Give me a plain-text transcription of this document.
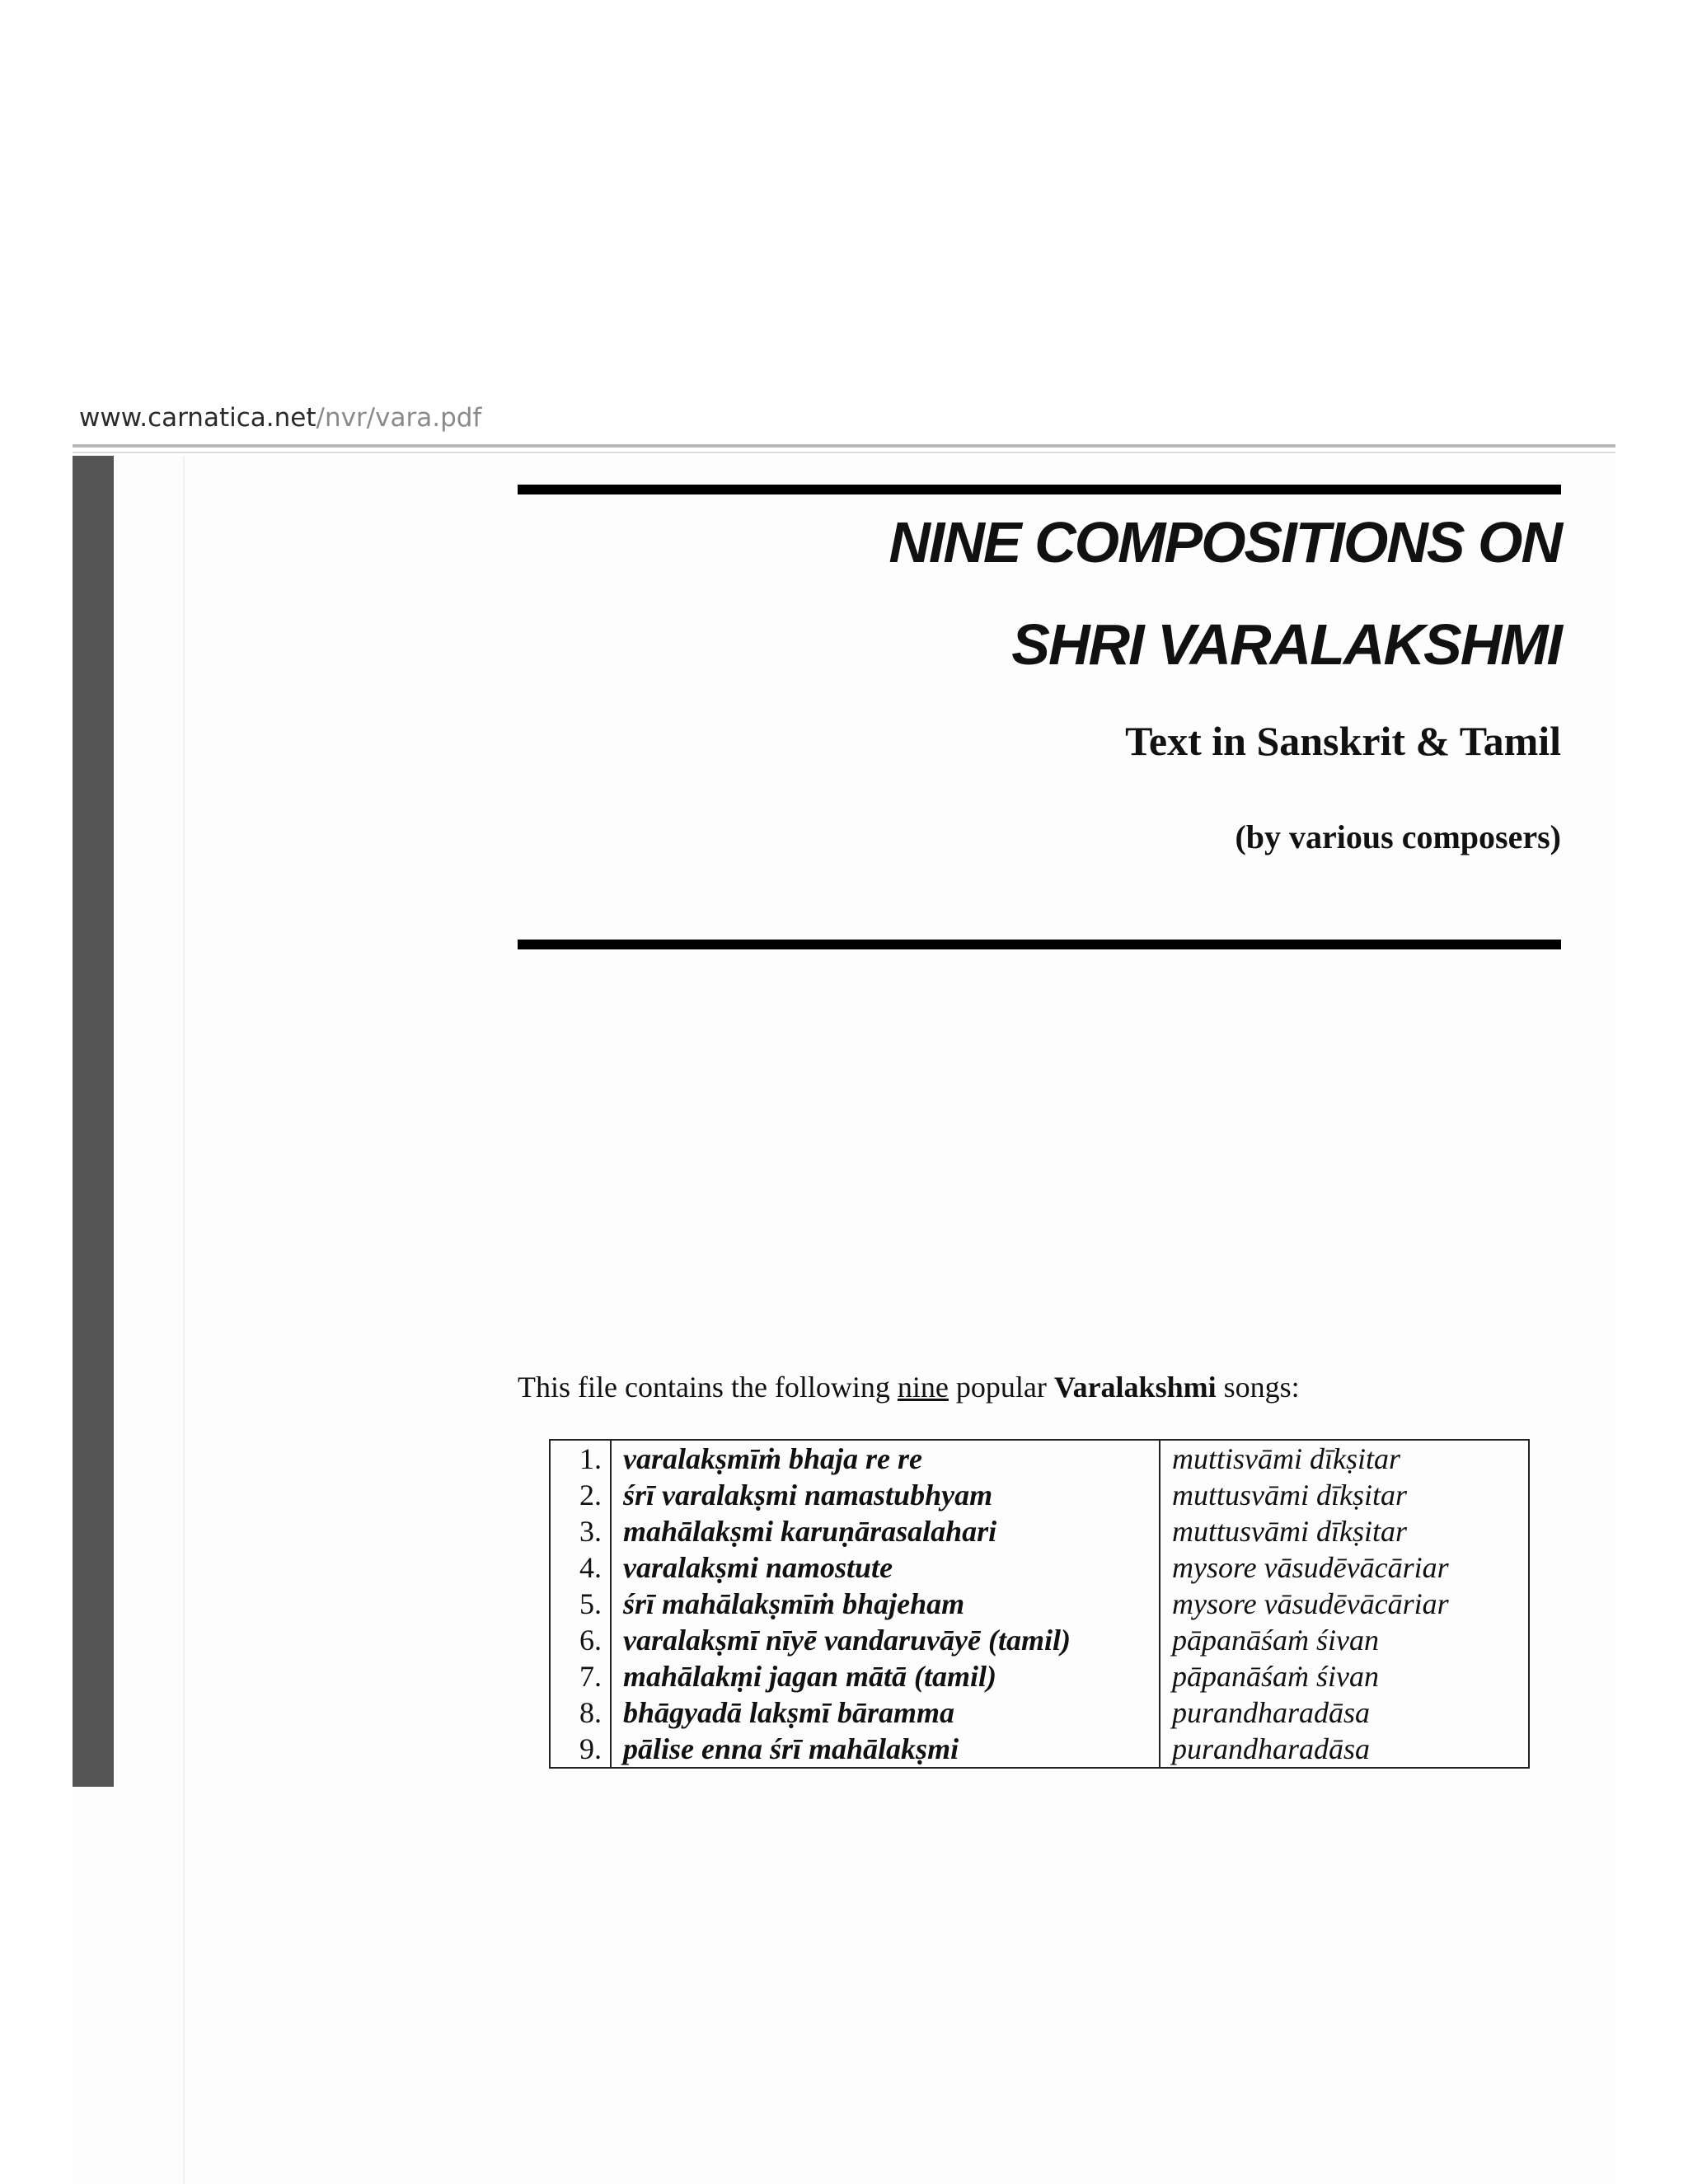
www.carnatica.net/nvr/vara.pdf
NINE COMPOSITIONS ON
SHRI VARALAKSHMI
Text in Sanskrit & Tamil
(by various composers)
This file contains the following nine popular Varalakshmi songs:
1.	varalakṣmīṁ bhaja re re	muttisvāmi dīkṣitar
2.	śrī varalakṣmi namastubhyam	muttusvāmi dīkṣitar
3.	mahālakṣmi karuṇārasalahari	muttusvāmi dīkṣitar
4.	varalakṣmi namostute	mysore vāsudēvācāriar
5.	śrī mahālakṣmīṁ bhajeham	mysore vāsudēvācāriar
6.	varalakṣmī nīyē vandaruvāyē (tamil)	pāpanāśaṁ śivan
7.	mahālakṃi jagan mātā (tamil)	pāpanāśaṁ śivan
8.	bhāgyadā lakṣmī bāramma	purandharadāsa
9.	pālise enna śrī mahālakṣmi	purandharadāsa
